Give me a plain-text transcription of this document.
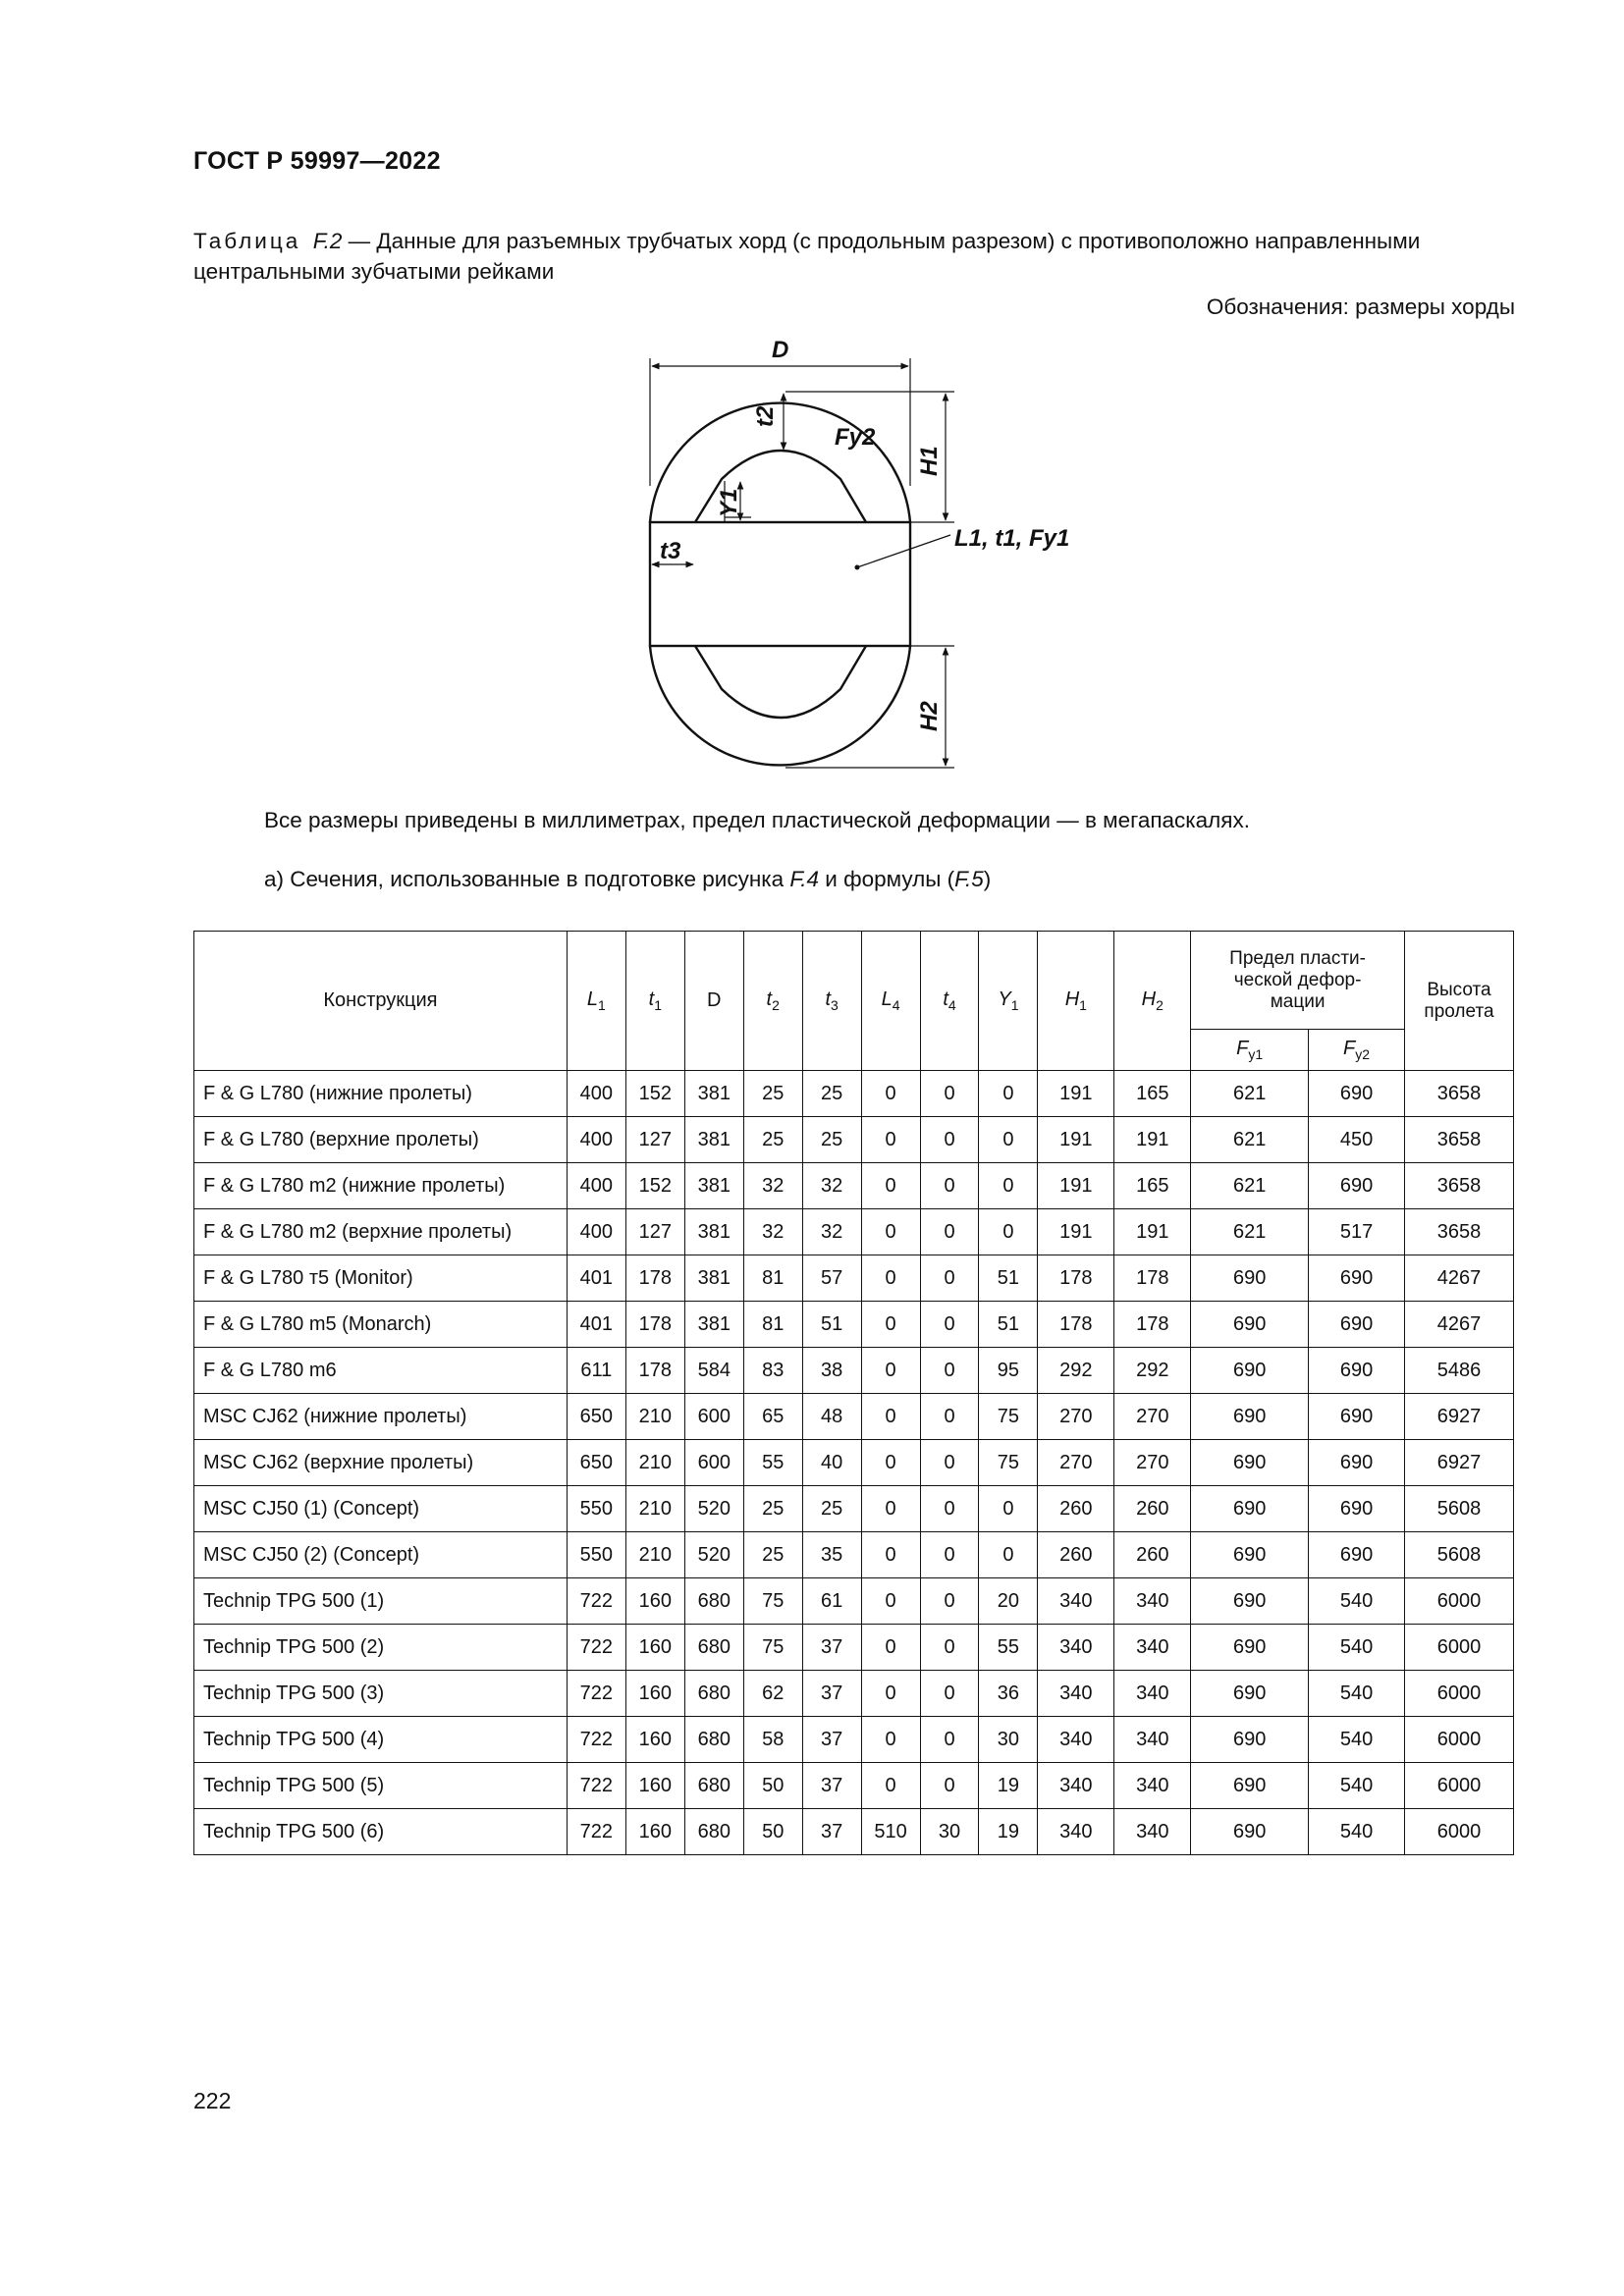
ГОСТ Р 59997—2022
Таблица F.2 — Данные для разъемных трубчатых хорд (с продольным разрезом) с противоположно направленными центральными зубчатыми рейками
Обозначения: размеры хорды
D
t2
Fy2
H1
Y1
t3	L1, t1, Fy1
H2
Все размеры приведены в миллиметрах, предел пластической деформации — в мегапаскалях.
а) Сечения, использованные в подготовке рисунка F.4 и формулы (F.5)
Конструкция	$L_1$	$t_1$	D	$t_2$	$t_3$	$L_4$	$t_4$	$Y_1$	$H_1$	$H_2$	Предел пласти-
ческой дефор-
мации		Высота
пролета
											$F_{y1}$	$F_{y2}$
F & G L780 (нижние пролеты)	400	152	381	25	25	0	0	0	191	165	621	690	3658
F & G L780 (верхние пролеты)	400	127	381	25	25	0	0	0	191	191	621	450	3658
F & G L780 m2 (нижние пролеты)	400	152	381	32	32	0	0	0	191	165	621	690	3658
F & G L780 m2 (верхние пролеты)	400	127	381	32	32	0	0	0	191	191	621	517	3658
F & G L780 т5 (Monitor)	401	178	381	81	57	0	0	51	178	178	690	690	4267
F & G L780 m5 (Monarch)	401	178	381	81	51	0	0	51	178	178	690	690	4267
F & G L780 m6	611	178	584	83	38	0	0	95	292	292	690	690	5486
MSC CJ62 (нижние пролеты)	650	210	600	65	48	0	0	75	270	270	690	690	6927
MSC CJ62 (верхние пролеты)	650	210	600	55	40	0	0	75	270	270	690	690	6927
MSC CJ50 (1) (Concept)	550	210	520	25	25	0	0	0	260	260	690	690	5608
MSC CJ50 (2) (Concept)	550	210	520	25	35	0	0	0	260	260	690	690	5608
Technip TPG 500 (1)	722	160	680	75	61	0	0	20	340	340	690	540	6000
Technip TPG 500 (2)	722	160	680	75	37	0	0	55	340	340	690	540	6000
Technip TPG 500 (3)	722	160	680	62	37	0	0	36	340	340	690	540	6000
Technip TPG 500 (4)	722	160	680	58	37	0	0	30	340	340	690	540	6000
Technip TPG 500 (5)	722	160	680	50	37	0	0	19	340	340	690	540	6000
Technip TPG 500 (6)	722	160	680	50	37	510	30	19	340	340	690	540	6000
222
